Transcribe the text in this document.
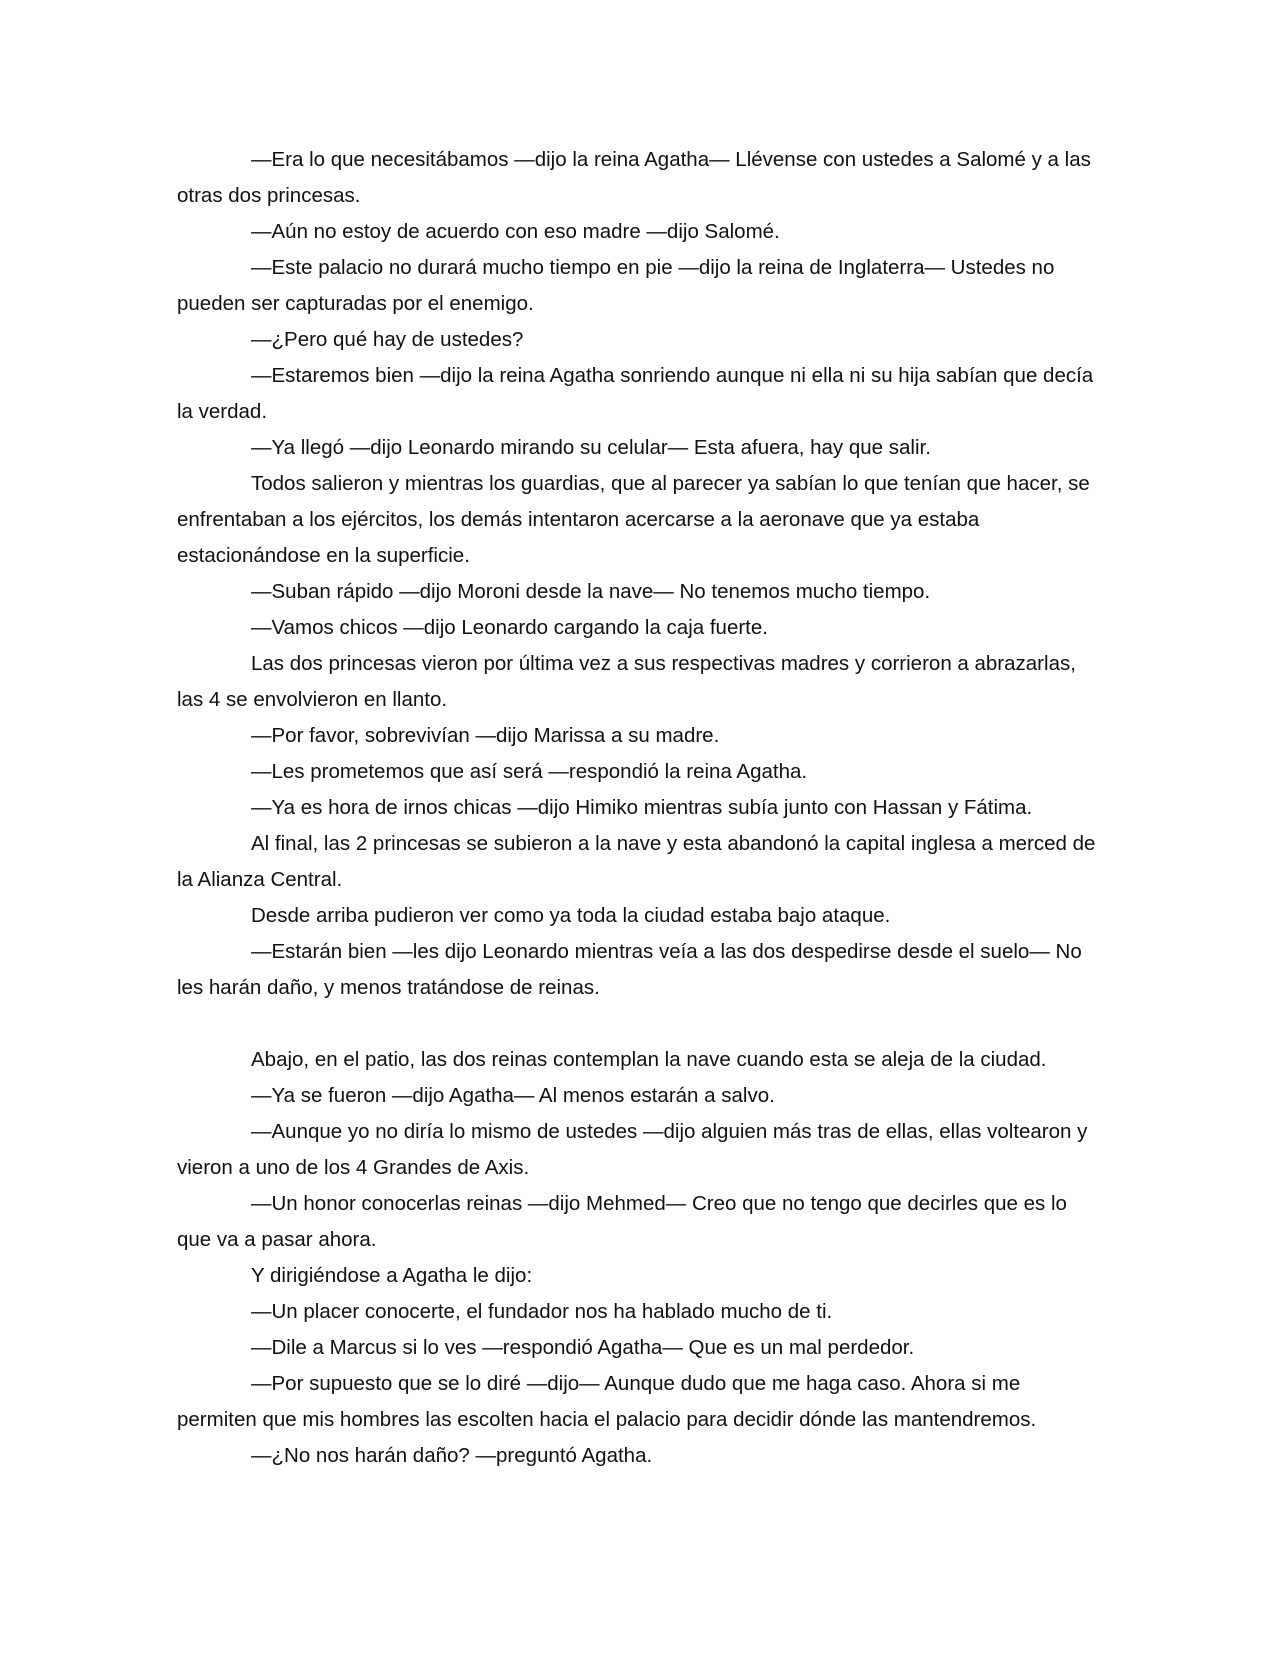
—Era lo que necesitábamos —dijo la reina Agatha— Llévense con ustedes a Salomé y a las otras dos princesas.

—Aún no estoy de acuerdo con eso madre —dijo Salomé.

—Este palacio no durará mucho tiempo en pie —dijo la reina de Inglaterra— Ustedes no pueden ser capturadas por el enemigo.

—¿Pero qué hay de ustedes?

—Estaremos bien —dijo la reina Agatha sonriendo aunque ni ella ni su hija sabían que decía la verdad.

—Ya llegó —dijo Leonardo mirando su celular— Esta afuera, hay que salir.

Todos salieron y mientras los guardias, que al parecer ya sabían lo que tenían que hacer, se enfrentaban a los ejércitos, los demás intentaron acercarse a la aeronave que ya estaba estacionándose en la superficie.

—Suban rápido —dijo Moroni desde la nave— No tenemos mucho tiempo.

—Vamos chicos —dijo Leonardo cargando la caja fuerte.

Las dos princesas vieron por última vez a sus respectivas madres y corrieron a abrazarlas, las 4 se envolvieron en llanto.

—Por favor, sobrevivían —dijo Marissa a su madre.

—Les prometemos que así será —respondió la reina Agatha.

—Ya es hora de irnos chicas —dijo Himiko mientras subía junto con Hassan y Fátima.

Al final, las 2 princesas se subieron a la nave y esta abandonó la capital inglesa a merced de la Alianza Central.

Desde arriba pudieron ver como ya toda la ciudad estaba bajo ataque.

—Estarán bien —les dijo Leonardo mientras veía a las dos despedirse desde el suelo— No les harán daño, y menos tratándose de reinas.

Abajo, en el patio, las dos reinas contemplan la nave cuando esta se aleja de la ciudad.

—Ya se fueron —dijo Agatha— Al menos estarán a salvo.

—Aunque yo no diría lo mismo de ustedes —dijo alguien más tras de ellas, ellas voltearon y vieron a uno de los 4 Grandes de Axis.

—Un honor conocerlas reinas —dijo Mehmed— Creo que no tengo que decirles que es lo que va a pasar ahora.

Y dirigiéndose a Agatha le dijo:

—Un placer conocerte, el fundador nos ha hablado mucho de ti.

—Dile a Marcus si lo ves —respondió Agatha— Que es un mal perdedor.

—Por supuesto que se lo diré —dijo— Aunque dudo que me haga caso. Ahora si me permiten que mis hombres las escolten hacia el palacio para decidir dónde las mantendremos.

—¿No nos harán daño? —preguntó Agatha.
